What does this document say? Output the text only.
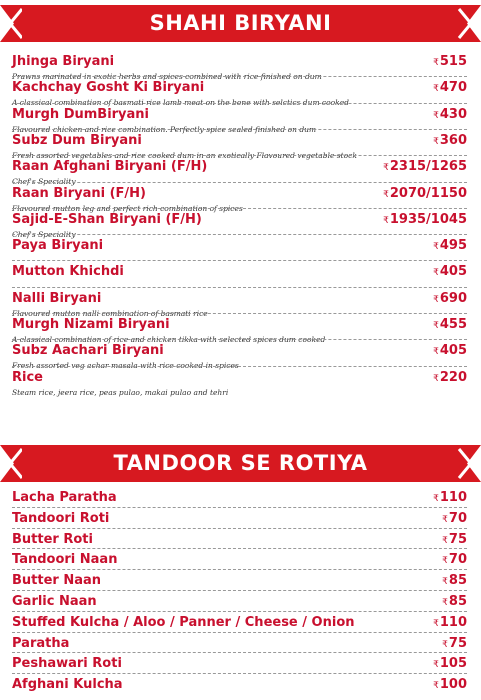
SHAHI BIRYANI
TANDOOR SE ROTIYA
Jhinga Biryani	₹515
Prawns marinated in exotic herbs and spices combined with rice finished on dum
Kachchay Gosht Ki Biryani	₹470
A classical combination of basmati rice lamb meat on the bone with selctics dum cooked
Murgh DumBiryani	₹430
Flavoured chicken and rice combination. Perfectly spice sealed finished on dum
Subz Dum Biryani	₹360
Fresh assorted vegetables and rice cooked dum in an exotically Flavoured vegetable stock
Raan Afghani Biryani (F/H)	₹2315/1265
Chef's Speciality
Raan Biryani (F/H)	₹2070/1150
Flavoured mutton leg and perfect rich combination of spices
Sajid-E-Shan Biryani (F/H)	₹1935/1045
Chef's Speciality
Paya Biryani	₹495
Mutton Khichdi	₹405
Nalli Biryani	₹690
Flavoured mutton nalli combination of basmati rice
Murgh Nizami Biryani	₹455
A classical combination of rice and chicken tikka with selected spices dum cooked
Subz Aachari Biryani	₹405
Fresh assorted veg achar masala with rice cooked in spices
Rice	₹220
Steam rice, jeera rice, peas pulao, makai pulao and tehri
Lacha Paratha	₹110
Tandoori Roti	₹70
Butter Roti	₹75
Tandoori Naan	₹70
Butter Naan	₹85
Garlic Naan	₹85
Stuffed Kulcha / Aloo / Panner / Cheese / Onion	₹110
Paratha	₹75
Peshawari Roti	₹105
Afghani Kulcha	₹100
